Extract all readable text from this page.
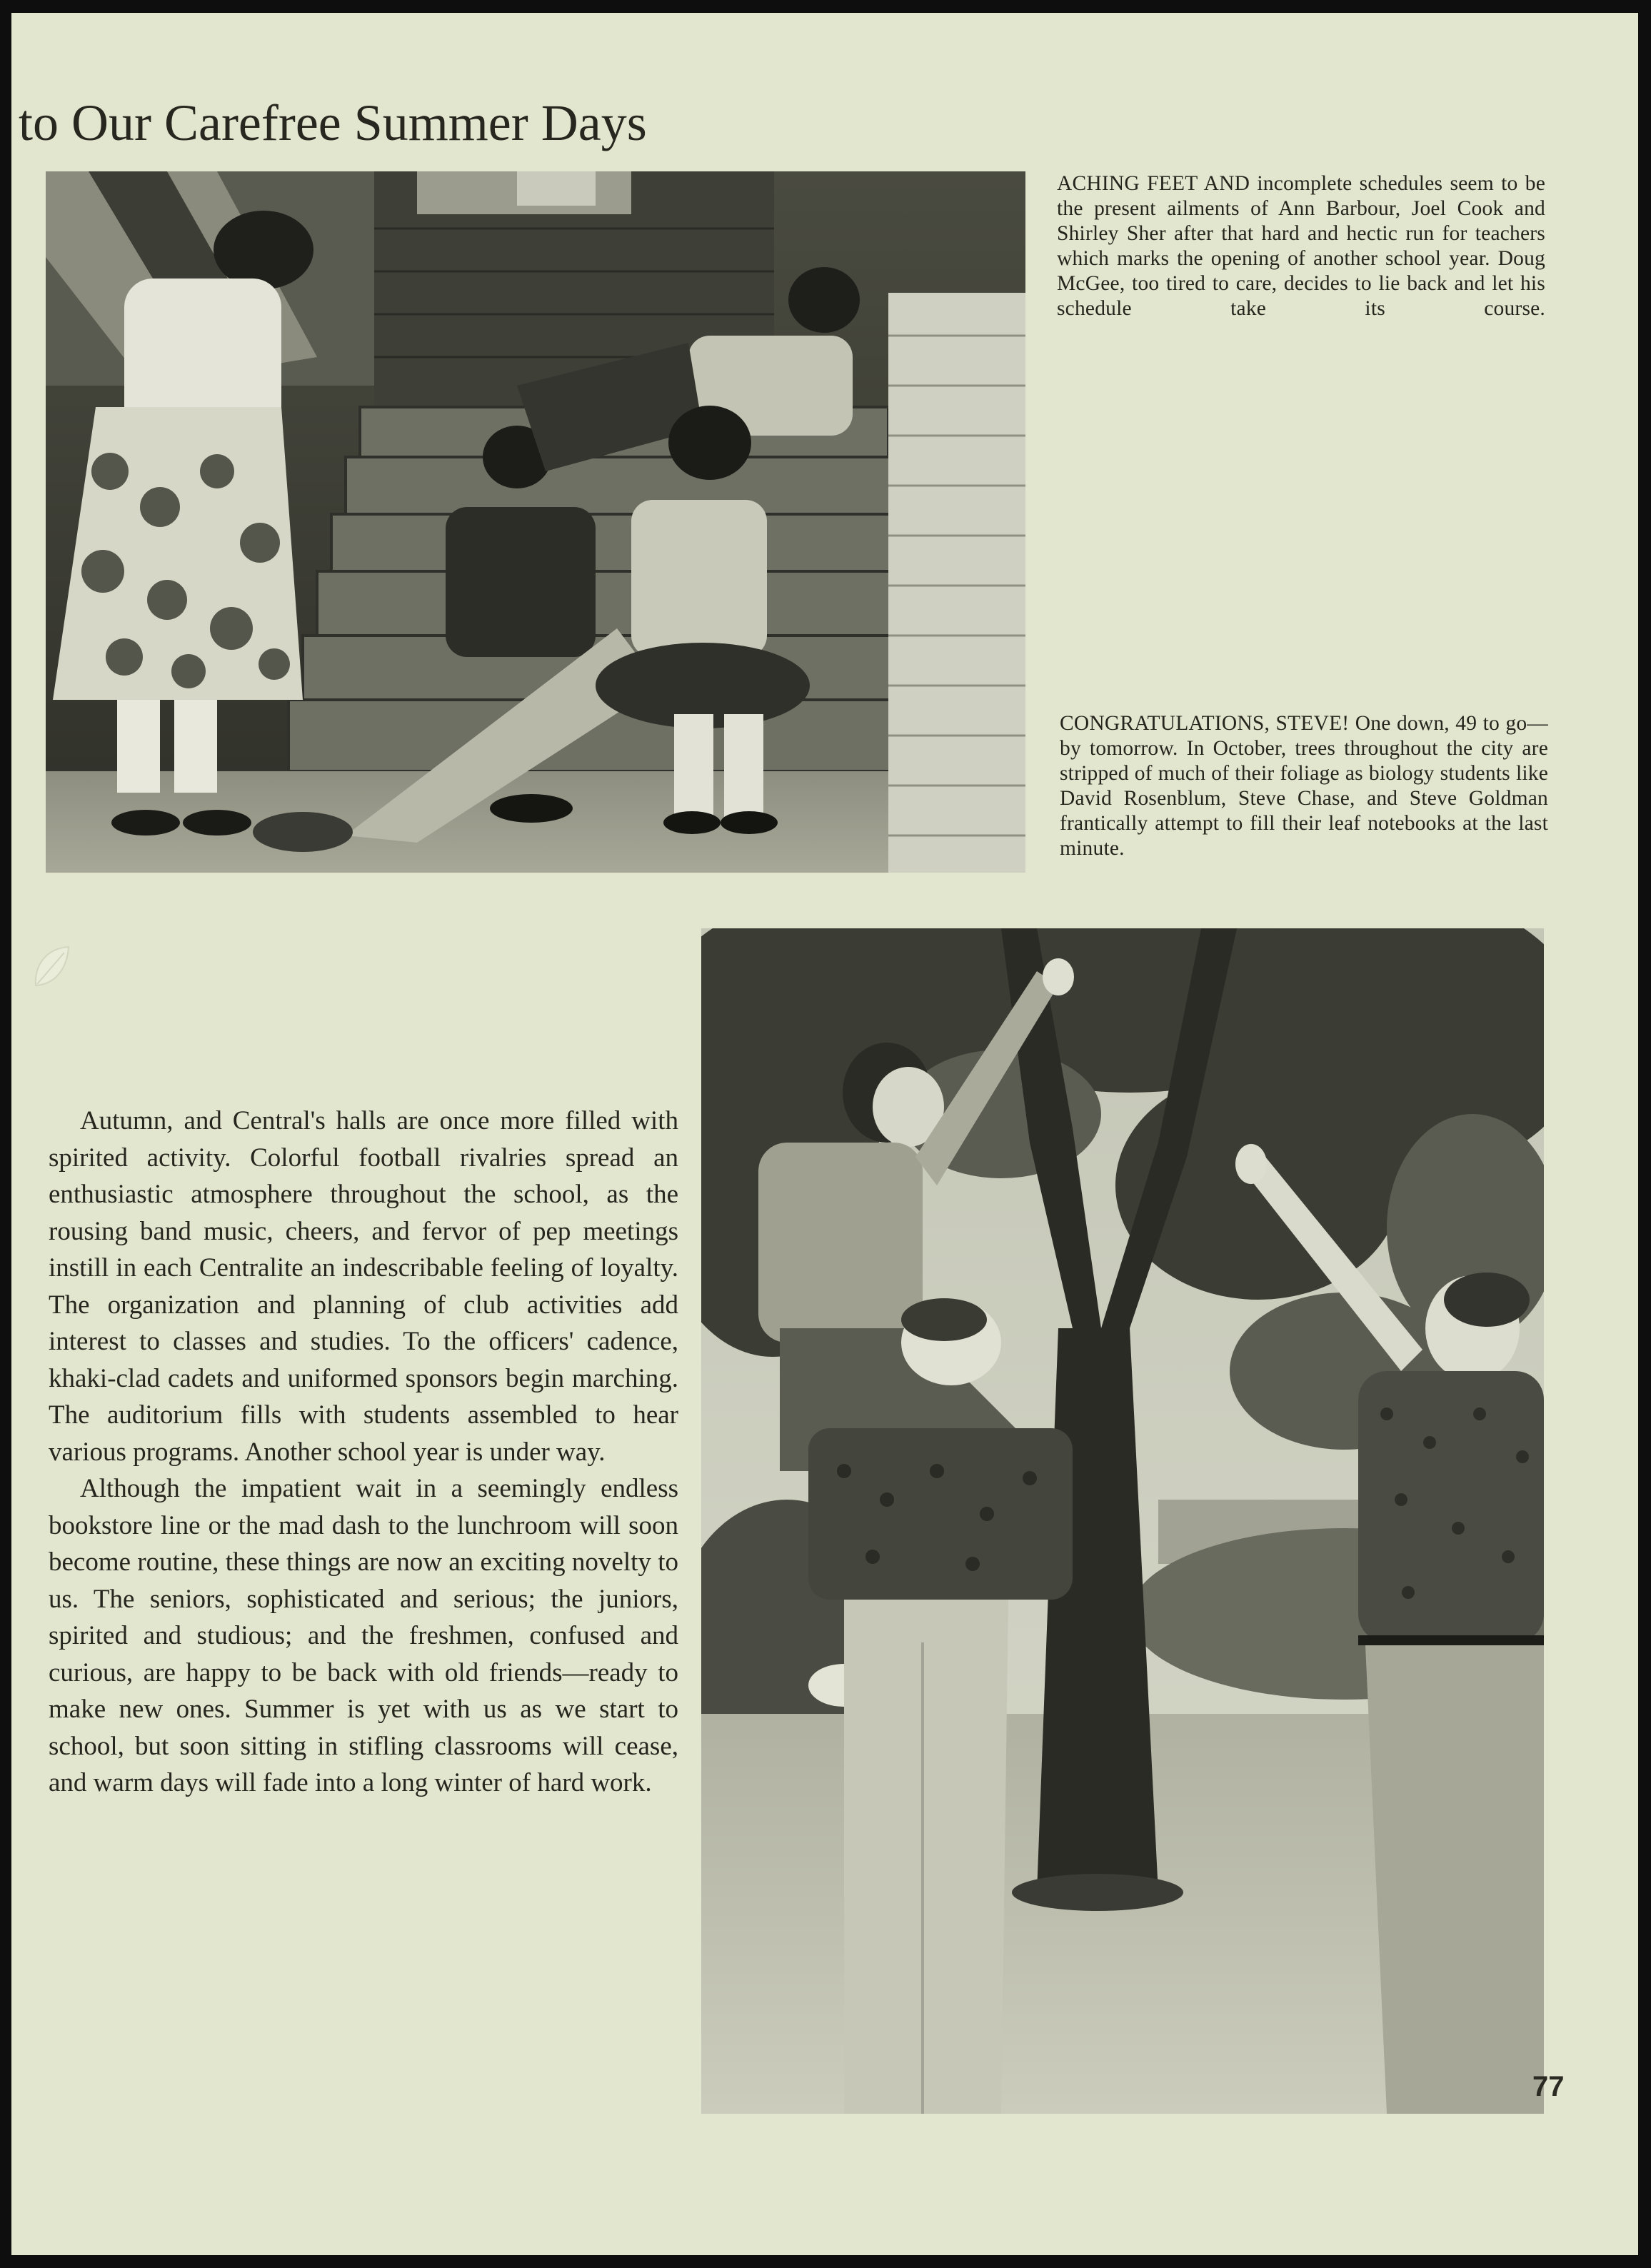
to Our Carefree Summer Days

ACHING FEET AND incomplete schedules seem to be the present ailments of Ann Barbour, Joel Cook and Shirley Sher after that hard and hectic run for teachers which marks the opening of another school year. Doug McGee, too tired to care, decides to lie back and let his schedule take its course.

CONGRATULATIONS, STEVE! One down, 49 to go—by tomorrow. In October, trees throughout the city are stripped of much of their foliage as biology students like David Rosenblum, Steve Chase, and Steve Goldman frantically attempt to fill their leaf notebooks at the last minute.

Autumn, and Central's halls are once more filled with spirited activity. Colorful football rivalries spread an enthusiastic atmosphere throughout the school, as the rousing band music, cheers, and fervor of pep meetings instill in each Centralite an indescribable feeling of loyalty. The organization and planning of club activities add interest to classes and studies. To the officers' cadence, khaki-clad cadets and uniformed sponsors begin marching. The auditorium fills with students assembled to hear various programs. Another school year is under way.

Although the impatient wait in a seemingly endless bookstore line or the mad dash to the lunchroom will soon become routine, these things are now an exciting novelty to us. The seniors, sophisticated and serious; the juniors, spirited and studious; and the freshmen, confused and curious, are happy to be back with old friends—ready to make new ones. Summer is yet with us as we start to school, but soon sitting in stifling classrooms will cease, and warm days will fade into a long winter of hard work.

77
